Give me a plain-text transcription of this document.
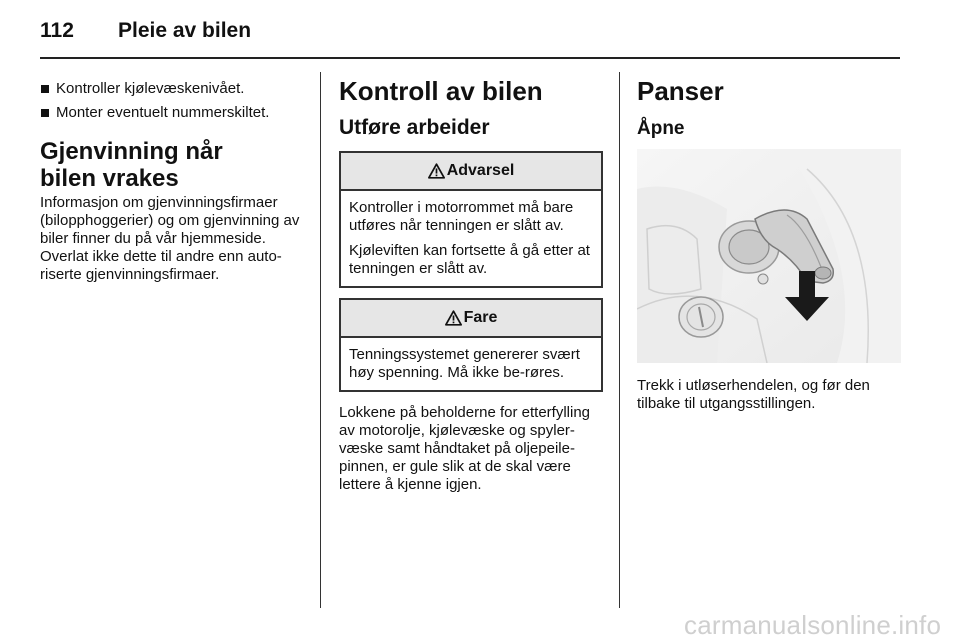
112 Pleie av bilen
Kontroller kjølevæskenivået.
Monter eventuelt nummerskiltet.
Gjenvinning når bilen vrakes

Informasjon om gjenvinningsfirmaer (bilopphoggerier) og om gjenvinning av biler finner du på vår hjemmeside. Overlat ikke dette til andre enn auto-riserte gjenvinningsfirmaer.

Kontroll av bilen
Utføre arbeider
Advarsel

Kontroller i motorrommet må bare utføres når tenningen er slått av.

Kjøleviften kan fortsette å gå etter at tenningen er slått av.

Fare

Tenningssystemet genererer svært høy spenning. Må ikke be-røres.

Lokkene på beholderne for etterfylling av motorolje, kjølevæske og spyler-væske samt håndtaket på oljepeile-pinnen, er gule slik at de skal være lettere å kjenne igjen.

Panser
Åpne

Trekk i utløserhendelen, og før den tilbake til utgangsstillingen.

carmanualsonline.info
